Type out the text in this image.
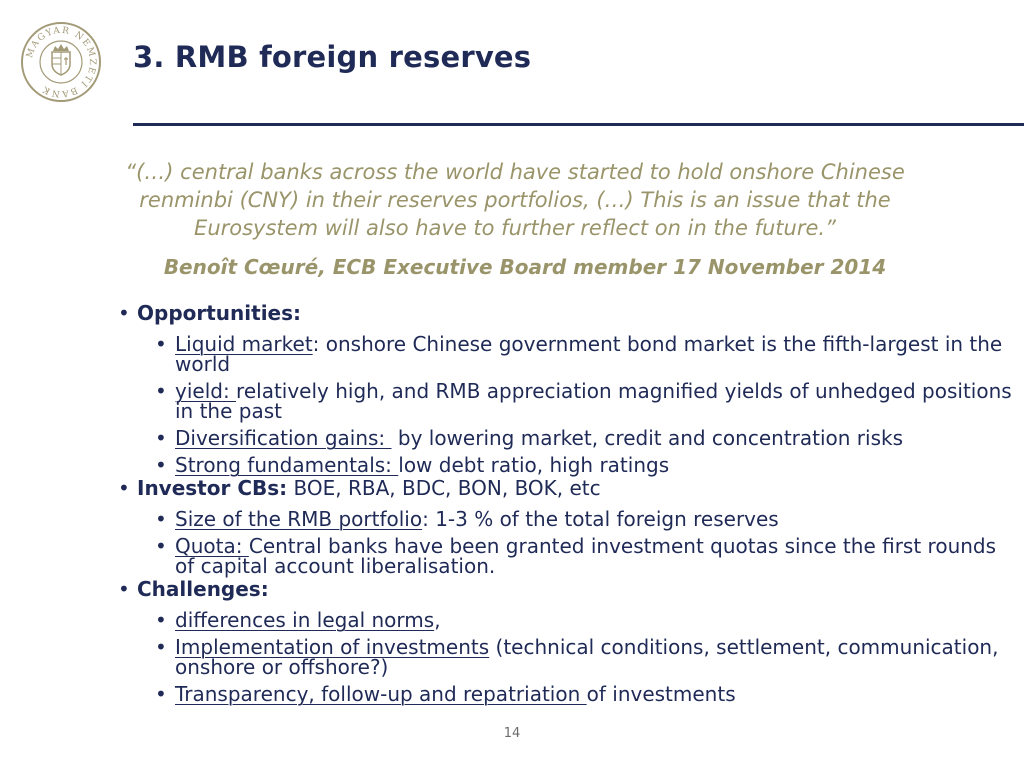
MAGYAR NEMZETI BANK
3. RMB foreign reserves

“(…) central banks across the world have started to hold onshore Chinese

renminbi (CNY) in their reserves portfolios, (…) This is an issue that the

Eurosystem will also have to further reflect on in the future.”

Benoît Cœuré, ECB Executive Board member 17 November 2014
• Opportunities:
• Liquid market: onshore Chinese government bond market is the fifth-largest in the world
• yield: relatively high, and RMB appreciation magnified yields of unhedged positions in the past
• Diversification gains:  by lowering market, credit and concentration risks
• Strong fundamentals: low debt ratio, high ratings
• Investor CBs: BOE, RBA, BDC, BON, BOK, etc
• Size of the RMB portfolio: 1-3 % of the total foreign reserves
• Quota: Central banks have been granted investment quotas since the first rounds of capital account liberalisation.
• Challenges:
• differences in legal norms,
• Implementation of investments (technical conditions, settlement, communication, onshore or offshore?)
• Transparency, follow-up and repatriation of investments
14
